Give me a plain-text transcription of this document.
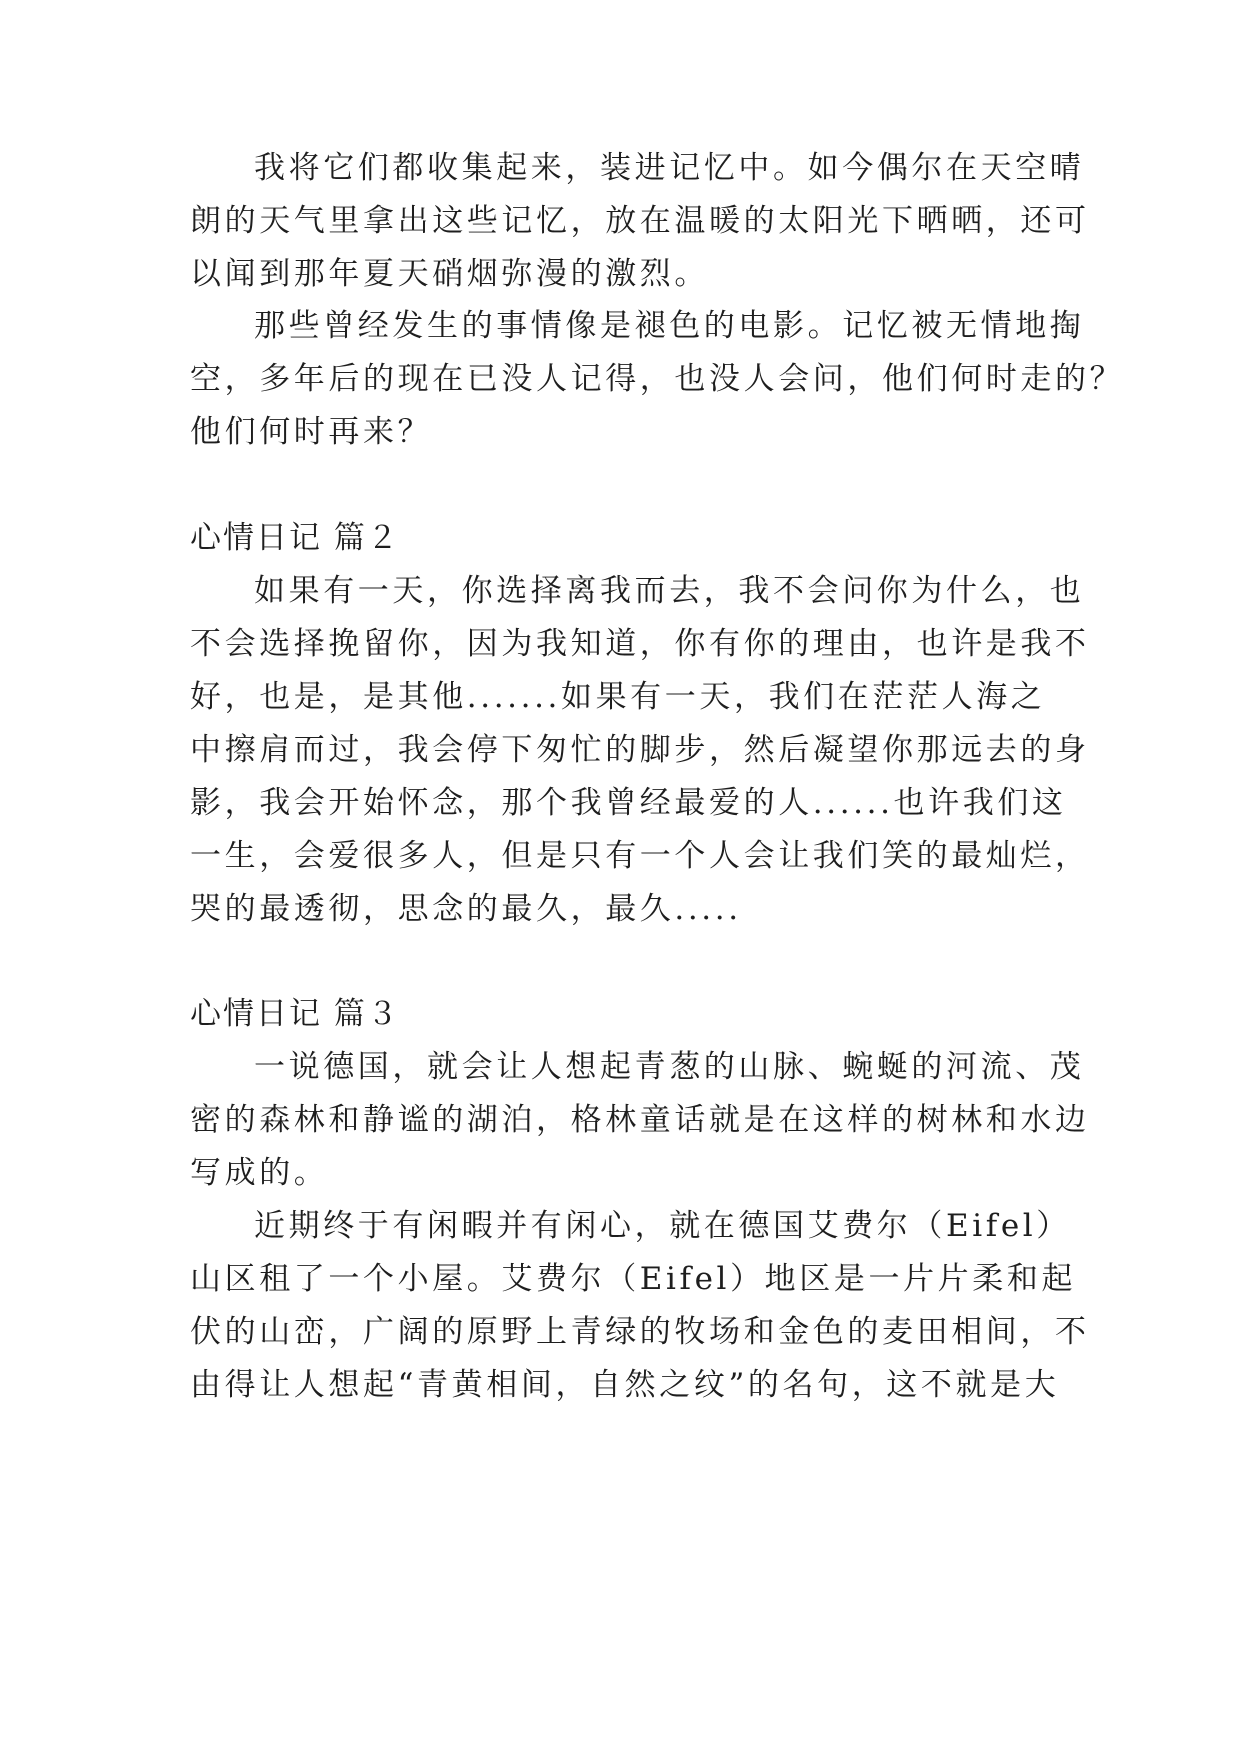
我将它们都收集起来，装进记忆中。如今偶尔在天空晴
朗的天气里拿出这些记忆，放在温暖的太阳光下晒晒，还可
以闻到那年夏天硝烟弥漫的激烈。
那些曾经发生的事情像是褪色的电影。记忆被无情地掏
空，多年后的现在已没人记得，也没人会问，他们何时走的？
他们何时再来？
心情日记 篇２
如果有一天，你选择离我而去，我不会问你为什么，也
不会选择挽留你，因为我知道，你有你的理由，也许是我不
好，也是，是其他.......如果有一天，我们在茫茫人海之
中擦肩而过，我会停下匆忙的脚步，然后凝望你那远去的身
影，我会开始怀念，那个我曾经最爱的人......也许我们这
一生，会爱很多人，但是只有一个人会让我们笑的最灿烂，
哭的最透彻，思念的最久，最久.....
心情日记 篇３
一说德国，就会让人想起青葱的山脉、蜿蜒的河流、茂
密的森林和静谧的湖泊，格林童话就是在这样的树林和水边
写成的。
近期终于有闲暇并有闲心，就在德国艾费尔（Eifel）
山区租了一个小屋。艾费尔（Eifel）地区是一片片柔和起
伏的山峦，广阔的原野上青绿的牧场和金色的麦田相间，不
由得让人想起“青黄相间，自然之纹”的名句，这不就是大
